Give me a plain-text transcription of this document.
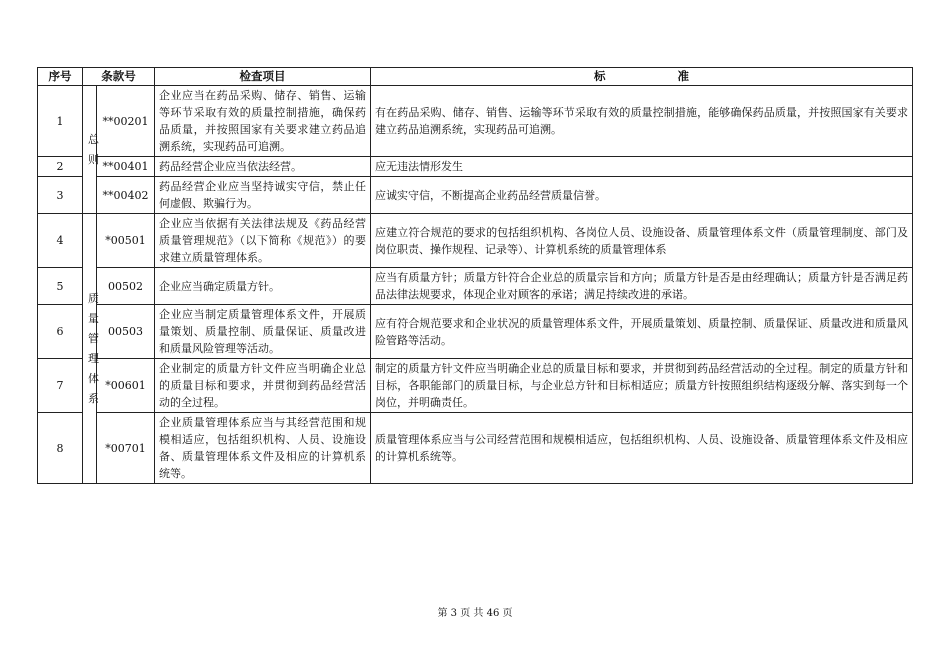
序号	条款号		检查项目	标 准
1	总则	**00201	企业应当在药品采购、储存、销售、运输等环节采取有效的质量控制措施，确保药品质量，并按照国家有关要求建立药品追溯系统，实现药品可追溯。	有在药品采购、储存、销售、运输等环节采取有效的质量控制措施，能够确保药品质量，并按照国家有关要求建立药品追溯系统，实现药品可追溯。
2		**00401	药品经营企业应当依法经营。	应无违法情形发生
3		**00402	药品经营企业应当坚持诚实守信，禁止任何虚假、欺骗行为。	应诚实守信，不断提高企业药品经营质量信誉。
4	质量管理体系	*00501	企业应当依据有关法律法规及《药品经营质量管理规范》（以下简称《规范》）的要求建立质量管理体系。	应建立符合规范的要求的包括组织机构、各岗位人员、设施设备、质量管理体系文件（质量管理制度、部门及岗位职责、操作规程、记录等）、计算机系统的质量管理体系
5		00502	企业应当确定质量方针。	应当有质量方针；质量方针符合企业总的质量宗旨和方向；质量方针是否是由经理确认；质量方针是否满足药品法律法规要求，体现企业对顾客的承诺；满足持续改进的承诺。
6		00503	企业应当制定质量管理体系文件，开展质量策划、质量控制、质量保证、质量改进和质量风险管理等活动。	应有符合规范要求和企业状况的质量管理体系文件，开展质量策划、质量控制、质量保证、质量改进和质量风险管路等活动。
7		*00601	企业制定的质量方针文件应当明确企业总的质量目标和要求，并贯彻到药品经营活动的全过程。	制定的质量方针文件应当明确企业总的质量目标和要求，并贯彻到药品经营活动的全过程。制定的质量方针和目标，各职能部门的质量目标，与企业总方针和目标相适应；质量方针按照组织结构逐级分解、落实到每一个岗位，并明确责任。
8		*00701	企业质量管理体系应当与其经营范围和规模相适应，包括组织机构、人员、设施设备、质量管理体系文件及相应的计算机系统等。	质量管理体系应当与公司经营范围和规模相适应，包括组织机构、人员、设施设备、质量管理体系文件及相应的计算机系统等。
第 3 页 共 46 页
